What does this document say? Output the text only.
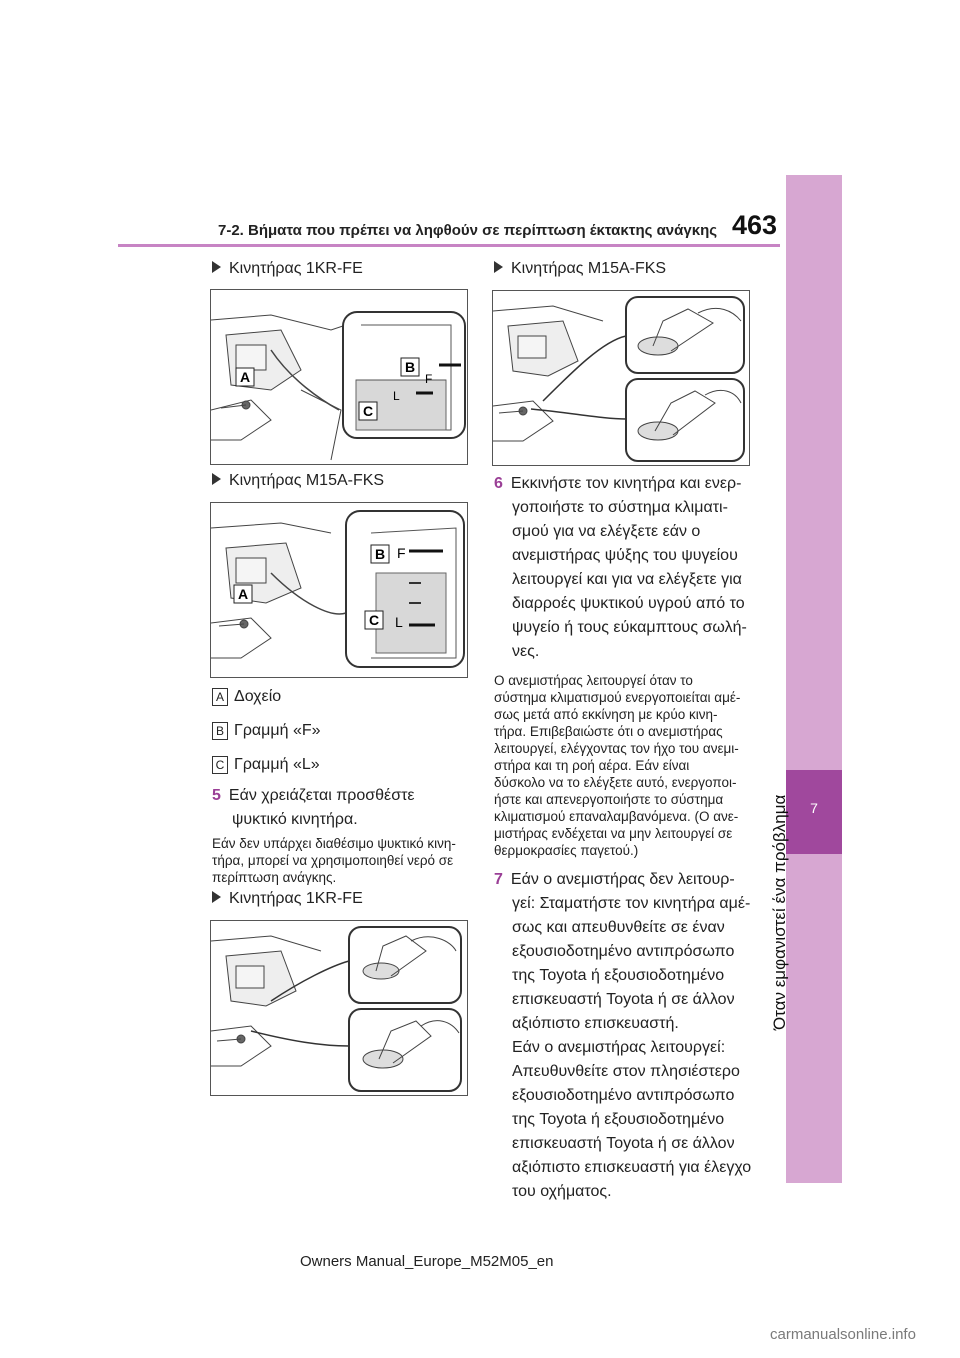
7-2. Βήματα που πρέπει να ληφθούν σε περίπτωση έκτακτης ανάγκης 463
7
Όταν εμφανιστεί ένα πρόβλημα
Κινητήρας 1KR-FE
B
C
A	F
L
Κινητήρας M15A-FKS
B
C
A
F
L
A Δοχείο
B Γραμμή «F»
C Γραμμή «L»
5 Εάν χρειάζεται προσθέστε
ψυκτικό κινητήρα.
Εάν δεν υπάρχει διαθέσιμο ψυκτικό κινη-
τήρα, μπορεί να χρησιμοποιηθεί νερό σε
περίπτωση ανάγκης.
Κινητήρας 1KR-FE
Κινητήρας M15A-FKS
6 Εκκινήστε τον κινητήρα και ενερ-
γοποιήστε το σύστημα κλιματι-
σμού για να ελέγξετε εάν ο
ανεμιστήρας ψύξης του ψυγείου
λειτουργεί και για να ελέγξετε για
διαρροές ψυκτικού υγρού από το
ψυγείο ή τους εύκαμπτους σωλή-
νες.
Ο ανεμιστήρας λειτουργεί όταν το
σύστημα κλιματισμού ενεργοποιείται αμέ-
σως μετά από εκκίνηση με κρύο κινη-
τήρα. Επιβεβαιώστε ότι ο ανεμιστήρας
λειτουργεί, ελέγχοντας τον ήχο του ανεμι-
στήρα και τη ροή αέρα. Εάν είναι
δύσκολο να το ελέγξετε αυτό, ενεργοποι-
ήστε και απενεργοποιήστε το σύστημα
κλιματισμού επαναλαμβανόμενα. (Ο ανε-
μιστήρας ενδέχεται να μην λειτουργεί σε
θερμοκρασίες παγετού.)
7 Εάν ο ανεμιστήρας δεν λειτουρ-
γεί: Σταματήστε τον κινητήρα αμέ-
σως και απευθυνθείτε σε έναν
εξουσιοδοτημένο αντιπρόσωπο
της Toyota ή εξουσιοδοτημένο
επισκευαστή Toyota ή σε άλλον
αξιόπιστο επισκευαστή.
Εάν ο ανεμιστήρας λειτουργεί:
Απευθυνθείτε στον πλησιέστερο
εξουσιοδοτημένο αντιπρόσωπο
της Toyota ή εξουσιοδοτημένο
επισκευαστή Toyota ή σε άλλον
αξιόπιστο επισκευαστή για έλεγχο
του οχήματος.
Owners Manual_Europe_M52M05_en
carmanualsonline.info
